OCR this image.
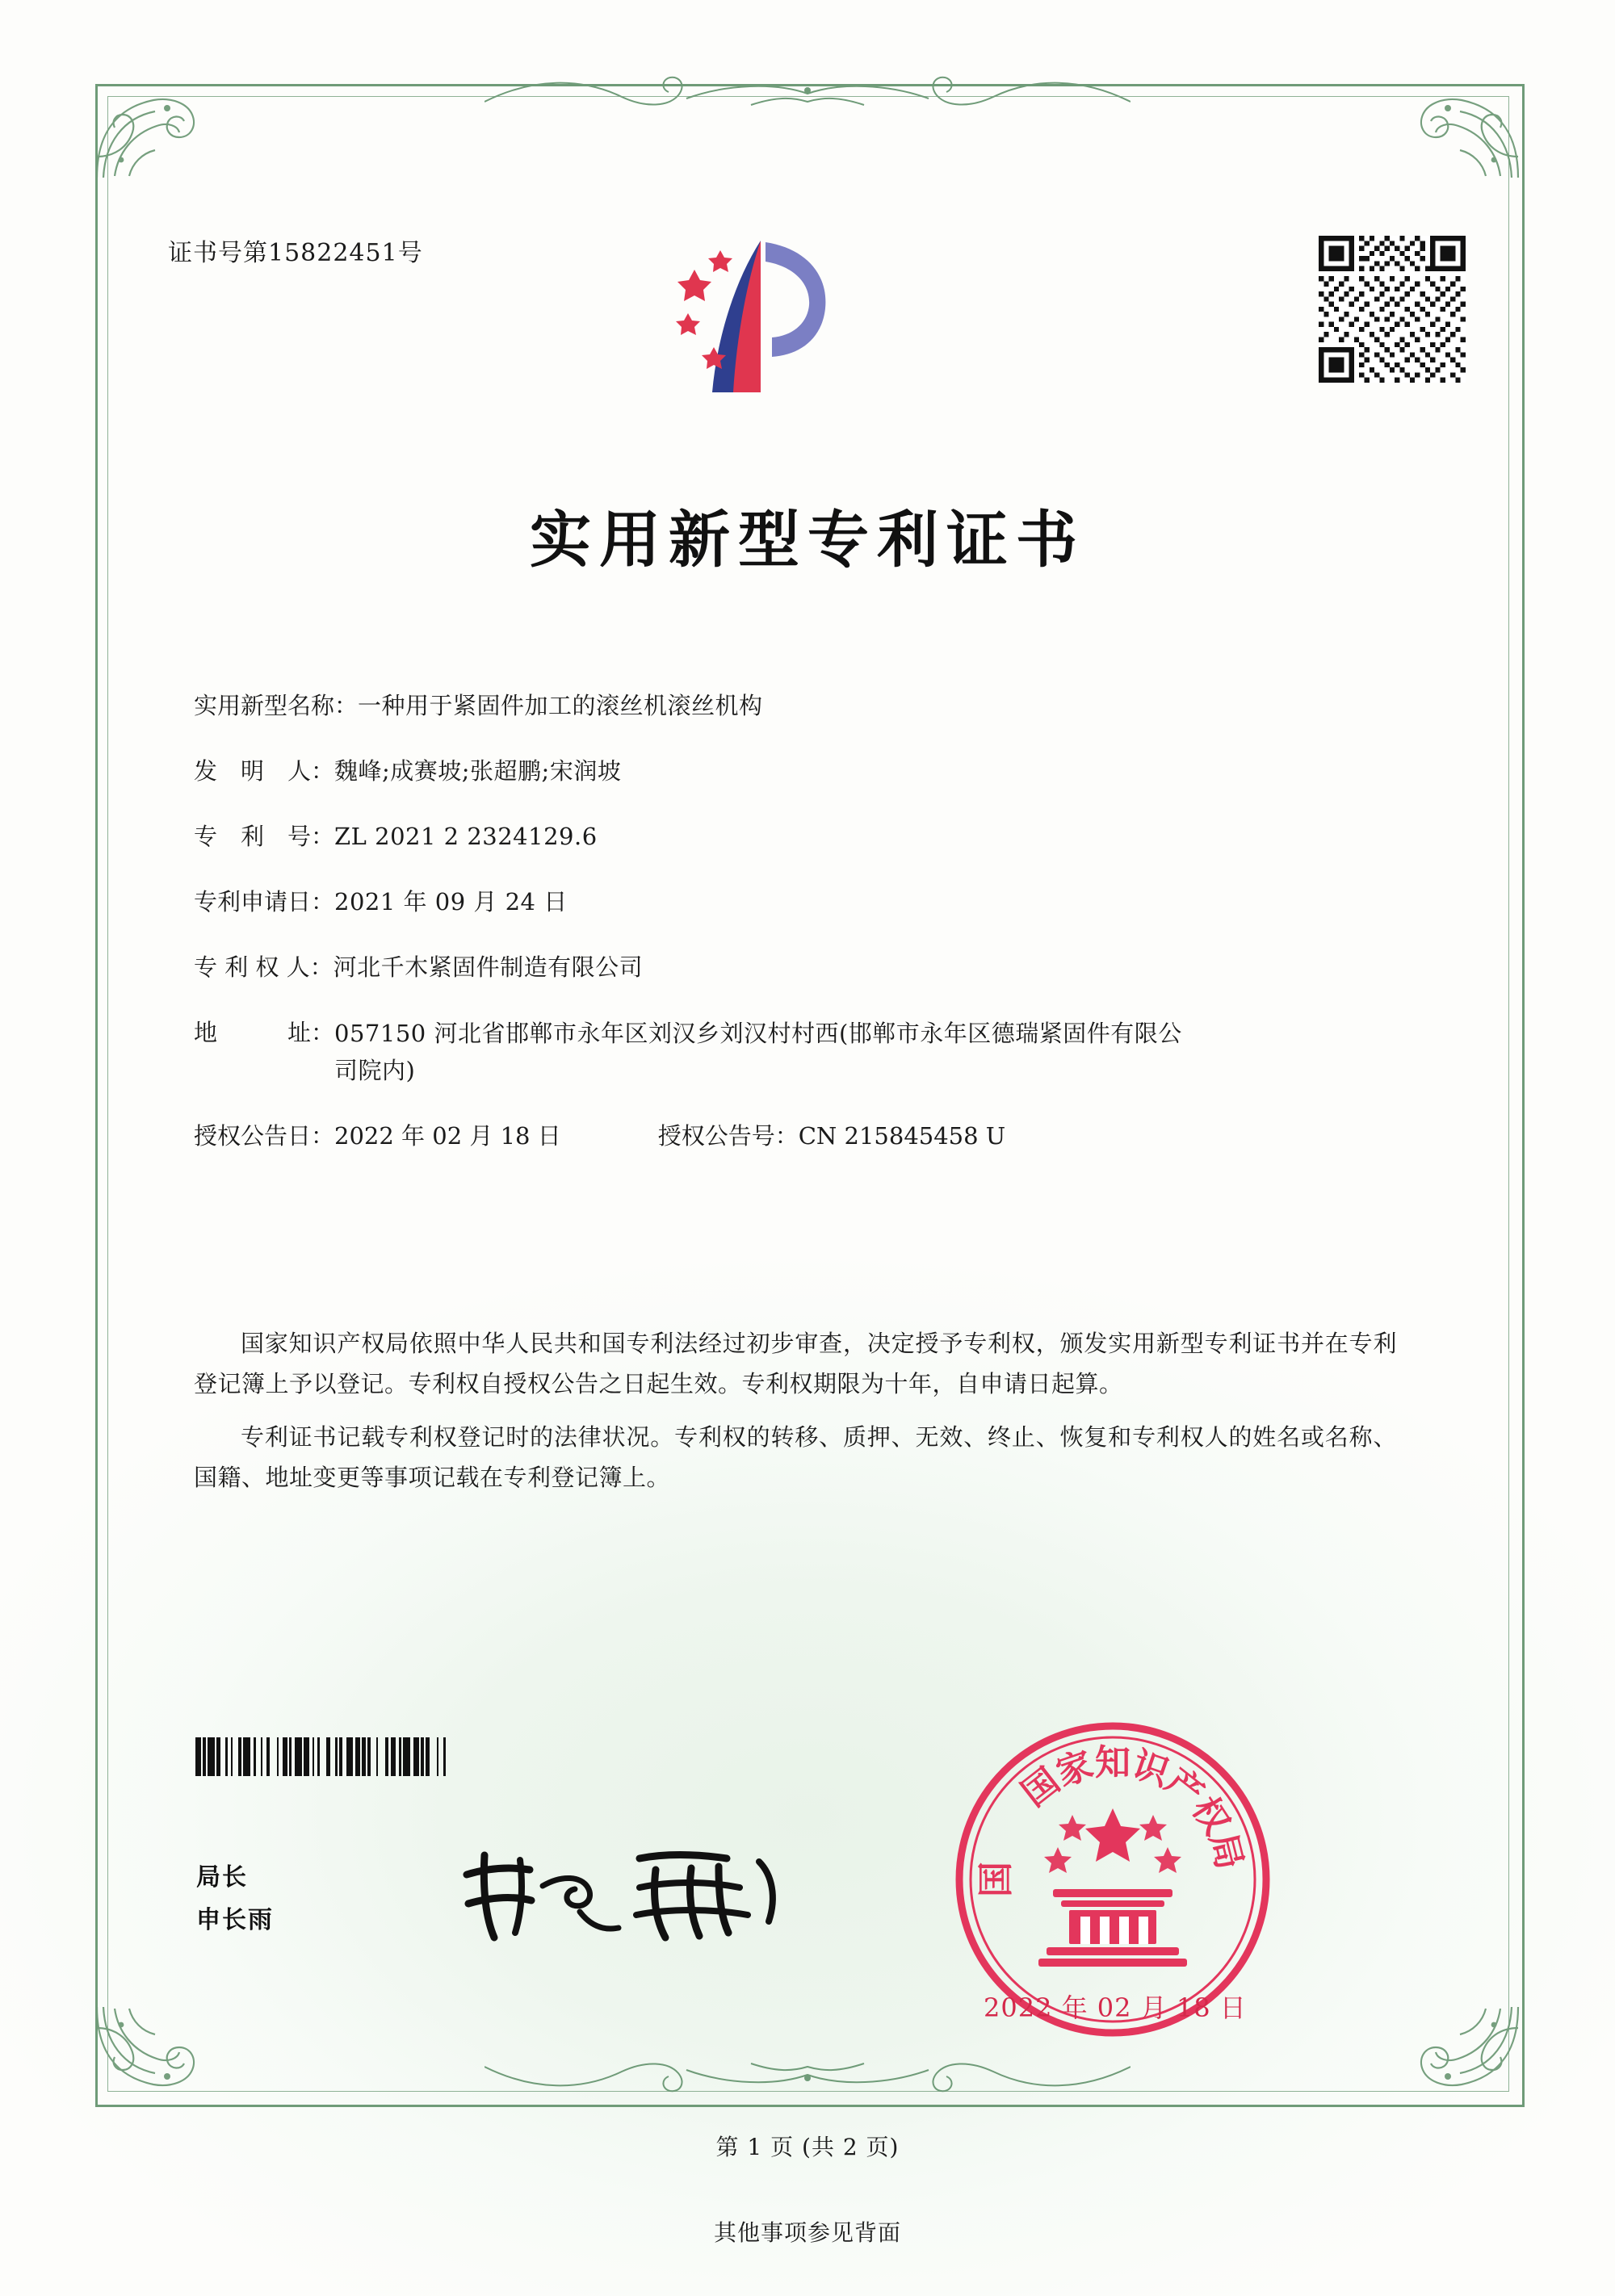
证书号第15822451号
实用新型专利证书
实用新型名称： 一种用于紧固件加工的滚丝机滚丝机构
发　明　人： 魏峰;成赛坡;张超鹏;宋润坡
专　利　号： ZL 2021 2 2324129.6
专利申请日： 2021 年 09 月 24 日
专 利 权 人： 河北千木紧固件制造有限公司
地　　　址： 057150 河北省邯郸市永年区刘汉乡刘汉村村西(邯郸市永年区德瑞紧固件有限公司院内)
授权公告日： 2022 年 02 月 18 日	授权公告号： CN 215845458 U

国家知识产权局依照中华人民共和国专利法经过初步审查，决定授予专利权，颁发实用新型专利证书并在专利登记簿上予以登记。专利权自授权公告之日起生效。专利权期限为十年，自申请日起算。

专利证书记载专利权登记时的法律状况。专利权的转移、质押、无效、终止、恢复和专利权人的姓名或名称、国籍、地址变更等事项记载在专利登记簿上。

局长
申长雨
国
家
知
识
产
权
局
国
2022 年 02 月 18 日
第 1 页 (共 2 页)
其他事项参见背面
